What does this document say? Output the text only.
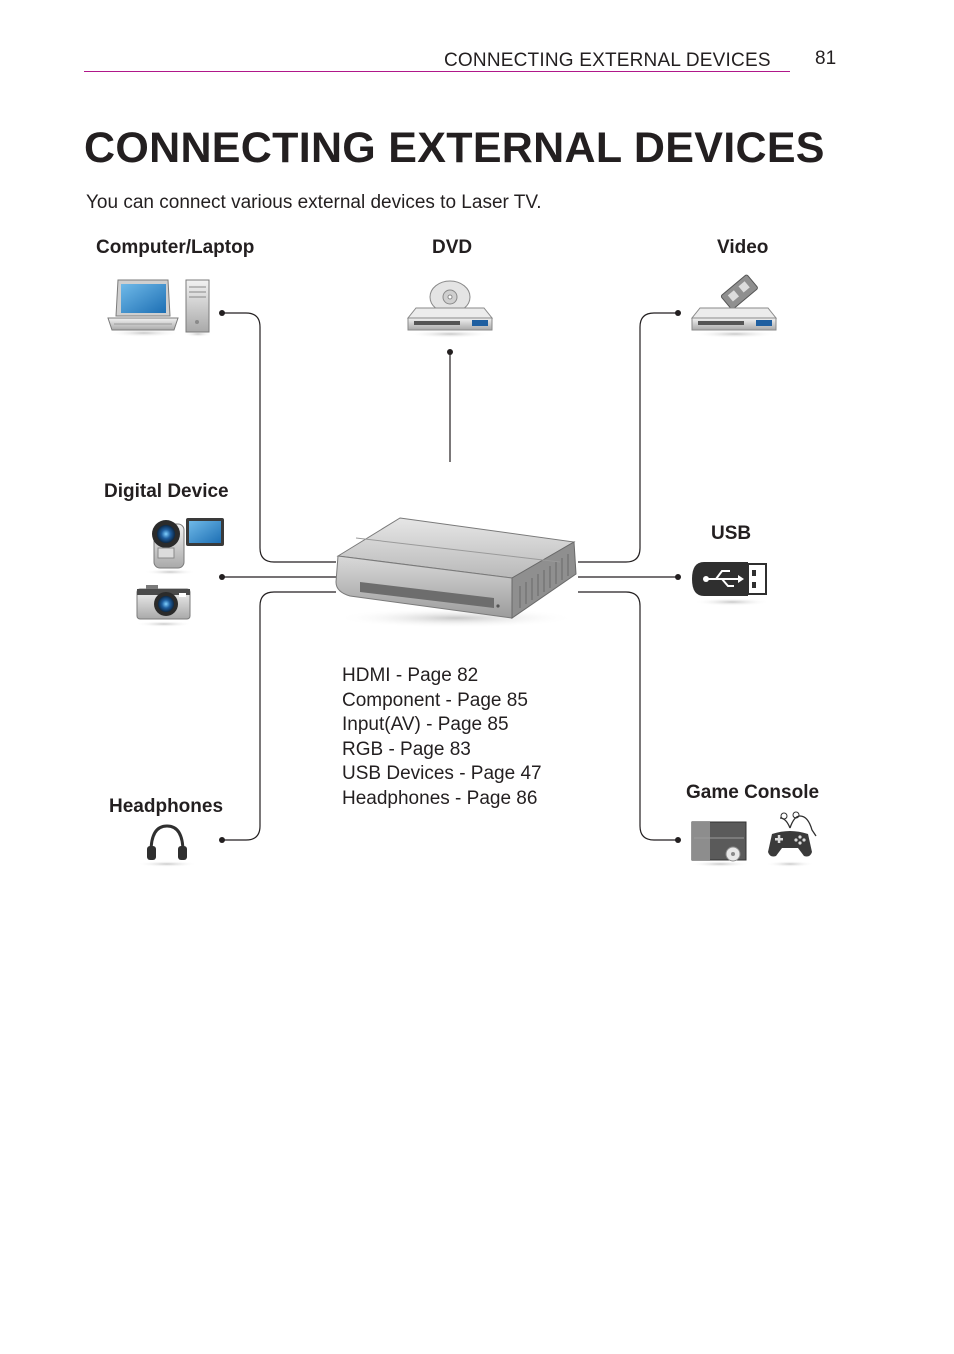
CONNECTING EXTERNAL DEVICES 81
CONNECTING EXTERNAL DEVICES
You can connect various external devices to Laser TV.
Computer/Laptop	DVD	Video
Digital Device
USB
Headphones
Game Console
HDMI - Page 82
Component - Page 85
Input(AV) - Page 85
RGB - Page 83
USB Devices - Page 47
Headphones - Page 86
